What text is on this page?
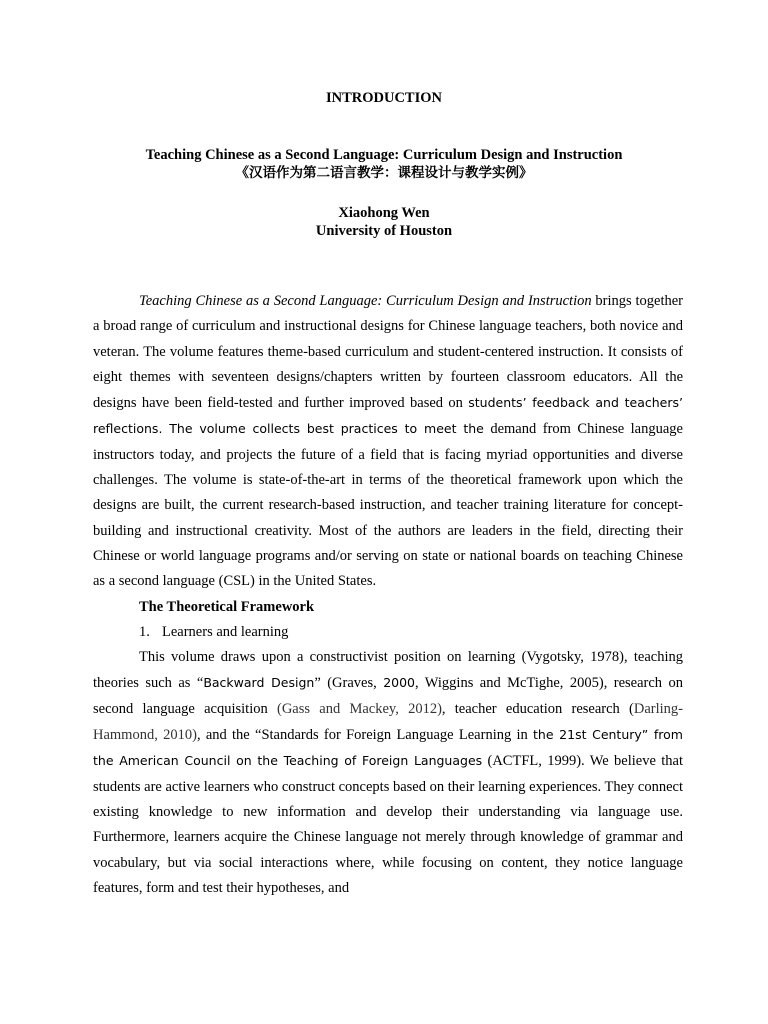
INTRODUCTION
Teaching Chinese as a Second Language: Curriculum Design and Instruction
《汉语作为第二语言教学：课程设计与教学实例》
Xiaohong Wen
University of Houston

Teaching Chinese as a Second Language: Curriculum Design and Instruction brings together a broad range of curriculum and instructional designs for Chinese language teachers, both novice and veteran. The volume features theme-based curriculum and student-centered instruction. It consists of eight themes with seventeen designs/chapters written by fourteen classroom educators. All the designs have been field-tested and further improved based on students’ feedback and teachers’ reflections. The volume collects best practices to meet the demand from Chinese language instructors today, and projects the future of a field that is facing myriad opportunities and diverse challenges. The volume is state-of-the-art in terms of the theoretical framework upon which the designs are built, the current research-based instruction, and teacher training literature for concept-building and instructional creativity. Most of the authors are leaders in the field, directing their Chinese or world language programs and/or serving on state or national boards on teaching Chinese as a second language (CSL) in the United States.

The Theoretical Framework

1. Learners and learning

This volume draws upon a constructivist position on learning (Vygotsky, 1978), teaching theories such as “Backward Design” (Graves, 2000, Wiggins and McTighe, 2005), research on second language acquisition (Gass and Mackey, 2012), teacher education research (Darling-Hammond, 2010), and the “Standards for Foreign Language Learning in the 21st Century” from the American Council on the Teaching of Foreign Languages (ACTFL, 1999). We believe that students are active learners who construct concepts based on their learning experiences. They connect existing knowledge to new information and develop their understanding via language use. Furthermore, learners acquire the Chinese language not merely through knowledge of grammar and vocabulary, but via social interactions where, while focusing on content, they notice language features, form and test their hypotheses, and
